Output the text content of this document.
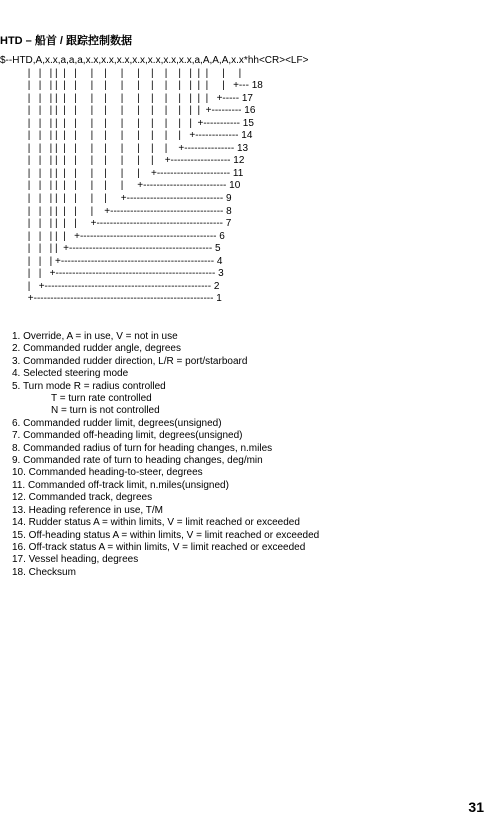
HTD – 船首 / 跟踪控制数据
$--HTD,A,x.x,a,a,a,x.x,x.x,x.x,x.x,x.x,x.x,x.x,a,A,A,A,x.x*hh<CR><LF>
|   |   | |  |   |     |    |     |     |    |    |    |   |  |  |     |     |
|   |   | |  |   |     |    |     |     |    |    |    |   |  |  |     |   +--- 18
|   |   | |  |   |     |    |     |     |    |    |    |   |  |  |   +----- 17
|   |   | |  |   |     |    |     |     |    |    |    |   |  |  +--------- 16
|   |   | |  |   |     |    |     |     |    |    |    |   |  +----------- 15
|   |   | |  |   |     |    |     |     |    |    |    |   +------------- 14
|   |   | |  |   |     |    |     |     |    |    |    +--------------- 13
|   |   | |  |   |     |    |     |     |    |    +------------------ 12
|   |   | |  |   |     |    |     |     |    +---------------------- 11
|   |   | |  |   |     |    |     |     +------------------------- 10
|   |   | |  |   |     |    |     +----------------------------- 9
|   |   | |  |   |     |    +---------------------------------- 8
|   |   | |  |   |     +-------------------------------------- 7
|   |   | |  |   +----------------------------------------- 6
|   |   | |  +------------------------------------------- 5
|   |   | +---------------------------------------------- 4
|   |   +------------------------------------------------ 3
|   +-------------------------------------------------- 2
+------------------------------------------------------ 1
1. Override, A = in use, V = not in use
2. Commanded rudder angle, degrees
3. Commanded rudder direction, L/R = port/starboard
4. Selected steering mode
5. Turn mode R = radius controlled
T = turn rate controlled
N = turn is not controlled
6. Commanded rudder limit, degrees(unsigned)
7. Commanded off-heading limit, degrees(unsigned)
8. Commanded radius of turn for heading changes, n.miles
9. Commanded rate of turn to heading changes, deg/min
10. Commanded heading-to-steer, degrees
11. Commanded off-track limit, n.miles(unsigned)
12. Commanded track, degrees
13. Heading reference in use, T/M
14. Rudder status A = within limits, V = limit reached or exceeded
15. Off-heading status A = within limits, V = limit reached or exceeded
16. Off-track status A = within limits, V = limit reached or exceeded
17. Vessel heading, degrees
18. Checksum
31
